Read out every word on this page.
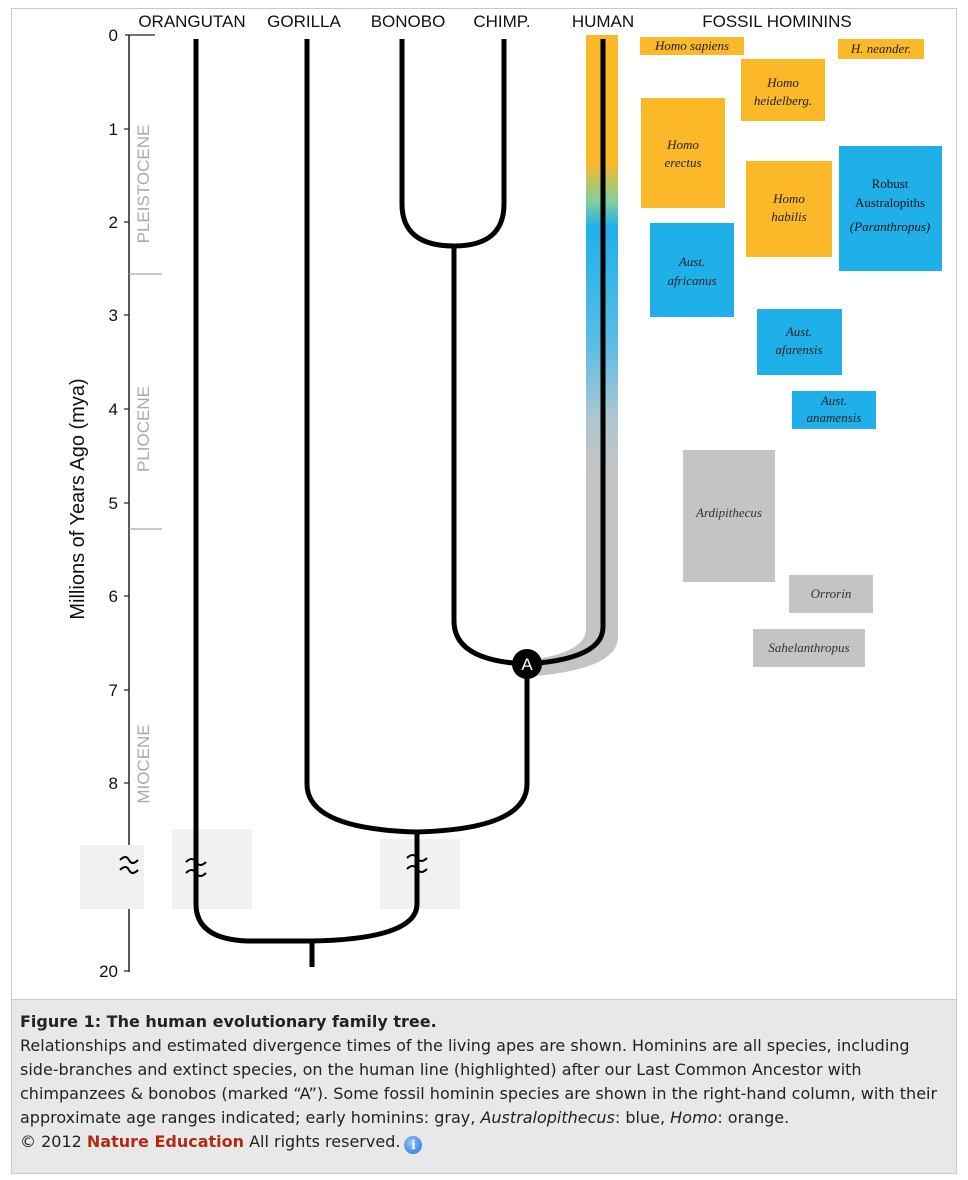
ORANGUTAN GORILLA BONOBO CHIMP. HUMAN	FOSSIL HOMININS
Millions of Years Ago (mya)
0
1
2
3
4
5
6
7
8
20
PLEISTOCENE
PLIOCENE
MIOCENE
A
Homo sapiens	H. neander.
Homo
heidelberg.
Homo
erectus
Homo
habilis
Robust
Australopiths
(Paranthropus)
Aust.
africanus
Aust.
afarensis
Aust.
anamensis
Ardipithecus
Orrorin
Sahelanthropus
Figure 1: The human evolutionary family tree.
Relationships and estimated divergence times of the living apes are shown. Hominins are all species, including side-branches and extinct species, on the human line (highlighted) after our Last Common Ancestor with chimpanzees & bonobos (marked “A”). Some fossil hominin species are shown in the right-hand column, with their approximate age ranges indicated; early hominins: gray, Australopithecus: blue, Homo: orange.
© 2012 Nature Education All rights reserved. i
